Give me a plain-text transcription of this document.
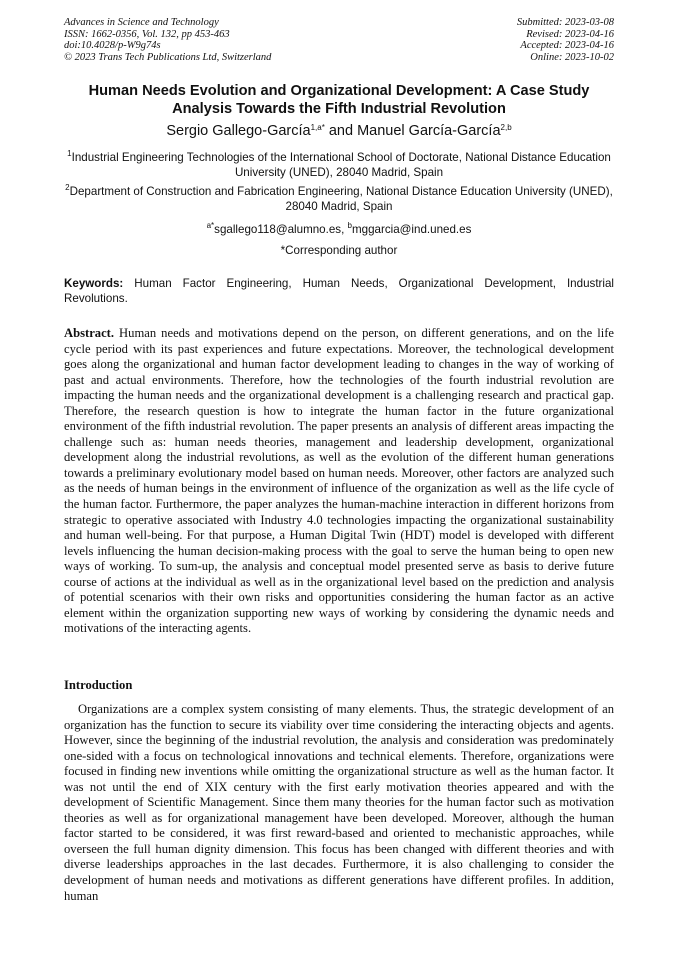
Advances in Science and Technology
ISSN: 1662-0356, Vol. 132, pp 453-463
doi:10.4028/p-W9g74s
© 2023 Trans Tech Publications Ltd, Switzerland
Submitted: 2023-03-08
Revised: 2023-04-16
Accepted: 2023-04-16
Online: 2023-10-02
Human Needs Evolution and Organizational Development: A Case Study Analysis Towards the Fifth Industrial Revolution
Sergio Gallego-García$^{1,a*}$ and Manuel García-García$^{2,b}$
$^1$Industrial Engineering Technologies of the International School of Doctorate, National Distance Education University (UNED), 28040 Madrid, Spain
$^2$Department of Construction and Fabrication Engineering, National Distance Education University (UNED), 28040 Madrid, Spain
$^{a*}$sgallego118@alumno.es, $^b$mggarcia@ind.uned.es
*Corresponding author
Keywords: Human Factor Engineering, Human Needs, Organizational Development, Industrial Revolutions.

Abstract. Human needs and motivations depend on the person, on different generations, and on the life cycle period with its past experiences and future expectations. Moreover, the technological development goes along the organizational and human factor development leading to changes in the way of working of past and actual environments. Therefore, how the technologies of the fourth industrial revolution are impacting the human needs and the organizational development is a challenging research and practical gap. Therefore, the research question is how to integrate the human factor in the future organizational environment of the fifth industrial revolution. The paper presents an analysis of different areas impacting the challenge such as: human needs theories, management and leadership development, organizational development along the industrial revolutions, as well as the evolution of the different human generations towards a preliminary evolutionary model based on human needs. Moreover, other factors are analyzed such as the needs of human beings in the environment of influence of the organization as well as the life cycle of the human factor. Furthermore, the paper analyzes the human-machine interaction in different horizons from strategic to operative associated with Industry 4.0 technologies impacting the organizational sustainability and human well-being. For that purpose, a Human Digital Twin (HDT) model is developed with different levels influencing the human decision-making process with the goal to serve the human being to open new ways of working. To sum-up, the analysis and conceptual model presented serve as basis to derive future course of actions at the individual as well as in the organizational level based on the prediction and analysis of potential scenarios with their own risks and opportunities considering the human factor as an active element within the organization supporting new ways of working by considering the dynamic needs and motivations of the interacting agents.

Introduction

Organizations are a complex system consisting of many elements. Thus, the strategic development of an organization has the function to secure its viability over time considering the interacting objects and agents. However, since the beginning of the industrial revolution, the analysis and consideration was predominately one-sided with a focus on technological innovations and technical elements. Therefore, organizations were focused in finding new inventions while omitting the organizational structure as well as the human factor. It was not until the end of XIX century with the first early motivation theories appeared and with the development of Scientific Management. Since them many theories for the human factor such as motivation theories as well as for organizational management have been developed. Moreover, although the human factor started to be considered, it was first reward-based and oriented to mechanistic approaches, while overseen the full human dignity dimension. This focus has been changed with different theories and with diverse leaderships approaches in the last decades. Furthermore, it is also challenging to consider the development of human needs and motivations as different generations have different profiles. In addition, human
